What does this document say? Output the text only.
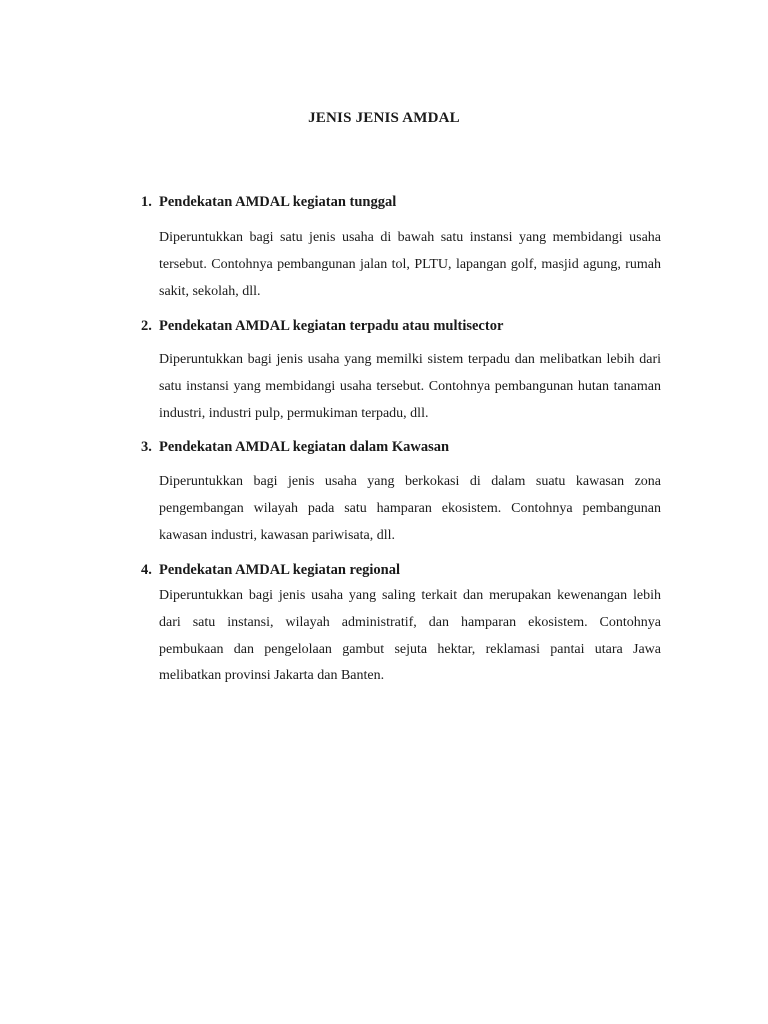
JENIS JENIS AMDAL
1. Pendekatan AMDAL kegiatan tunggal
Diperuntukkan bagi satu jenis usaha di bawah satu instansi yang membidangi usaha tersebut. Contohnya pembangunan jalan tol, PLTU, lapangan golf, masjid agung, rumah sakit, sekolah, dll.
2. Pendekatan AMDAL kegiatan terpadu atau multisector
Diperuntukkan bagi jenis usaha yang memilki sistem terpadu dan melibatkan lebih dari satu instansi yang membidangi usaha tersebut. Contohnya pembangunan hutan tanaman industri, industri pulp, permukiman terpadu, dll.
3. Pendekatan AMDAL kegiatan dalam Kawasan
Diperuntukkan bagi jenis usaha yang berkokasi di dalam suatu kawasan zona pengembangan wilayah pada satu hamparan ekosistem. Contohnya pembangunan kawasan industri, kawasan pariwisata, dll.
4. Pendekatan AMDAL kegiatan regional
Diperuntukkan bagi jenis usaha yang saling terkait dan merupakan kewenangan lebih dari satu instansi, wilayah administratif, dan hamparan ekosistem. Contohnya pembukaan dan pengelolaan gambut sejuta hektar, reklamasi pantai utara Jawa melibatkan provinsi Jakarta dan Banten.
